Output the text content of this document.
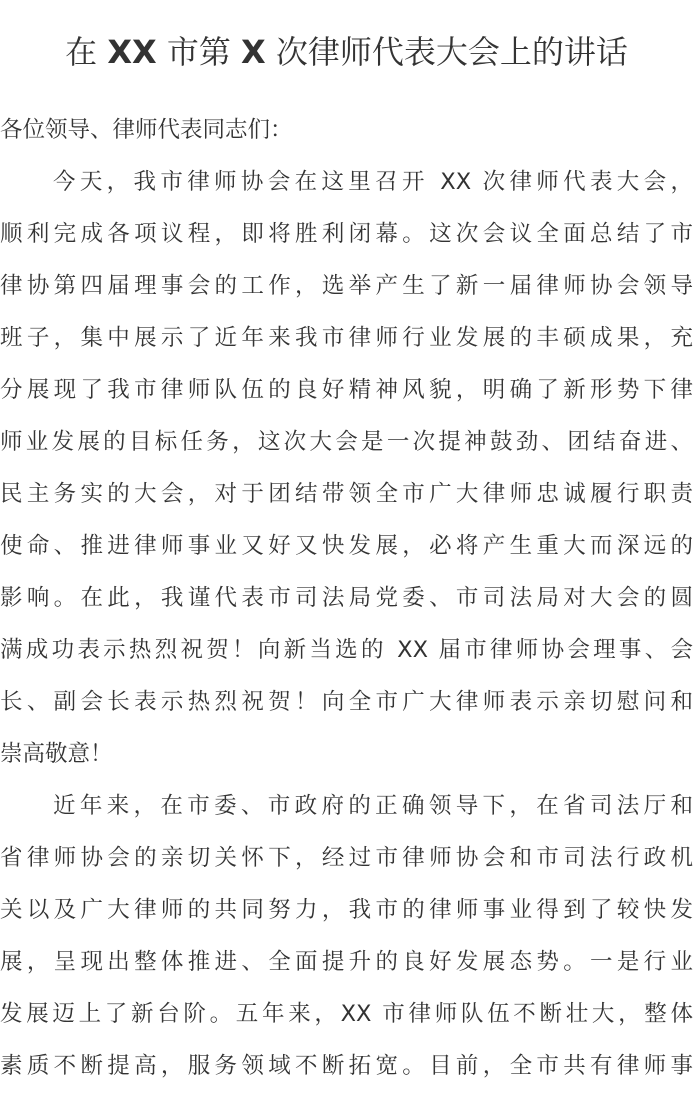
在 XX 市第 X 次律师代表大会上的讲话
各位领导、律师代表同志们：
今天，我市律师协会在这里召开 XX 次律师代表大会，
顺利完成各项议程，即将胜利闭幕。这次会议全面总结了市
律协第四届理事会的工作，选举产生了新一届律师协会领导
班子，集中展示了近年来我市律师行业发展的丰硕成果，充
分展现了我市律师队伍的良好精神风貌，明确了新形势下律
师业发展的目标任务，这次大会是一次提神鼓劲、团结奋进、
民主务实的大会，对于团结带领全市广大律师忠诚履行职责
使命、推进律师事业又好又快发展，必将产生重大而深远的
影响。在此，我谨代表市司法局党委、市司法局对大会的圆
满成功表示热烈祝贺！向新当选的 XX 届市律师协会理事、会
长、副会长表示热烈祝贺！向全市广大律师表示亲切慰问和
崇高敬意！
近年来，在市委、市政府的正确领导下，在省司法厅和
省律师协会的亲切关怀下，经过市律师协会和市司法行政机
关以及广大律师的共同努力，我市的律师事业得到了较快发
展，呈现出整体推进、全面提升的良好发展态势。一是行业
发展迈上了新台阶。五年来，XX 市律师队伍不断壮大，整体
素质不断提高，服务领域不断拓宽。目前，全市共有律师事
